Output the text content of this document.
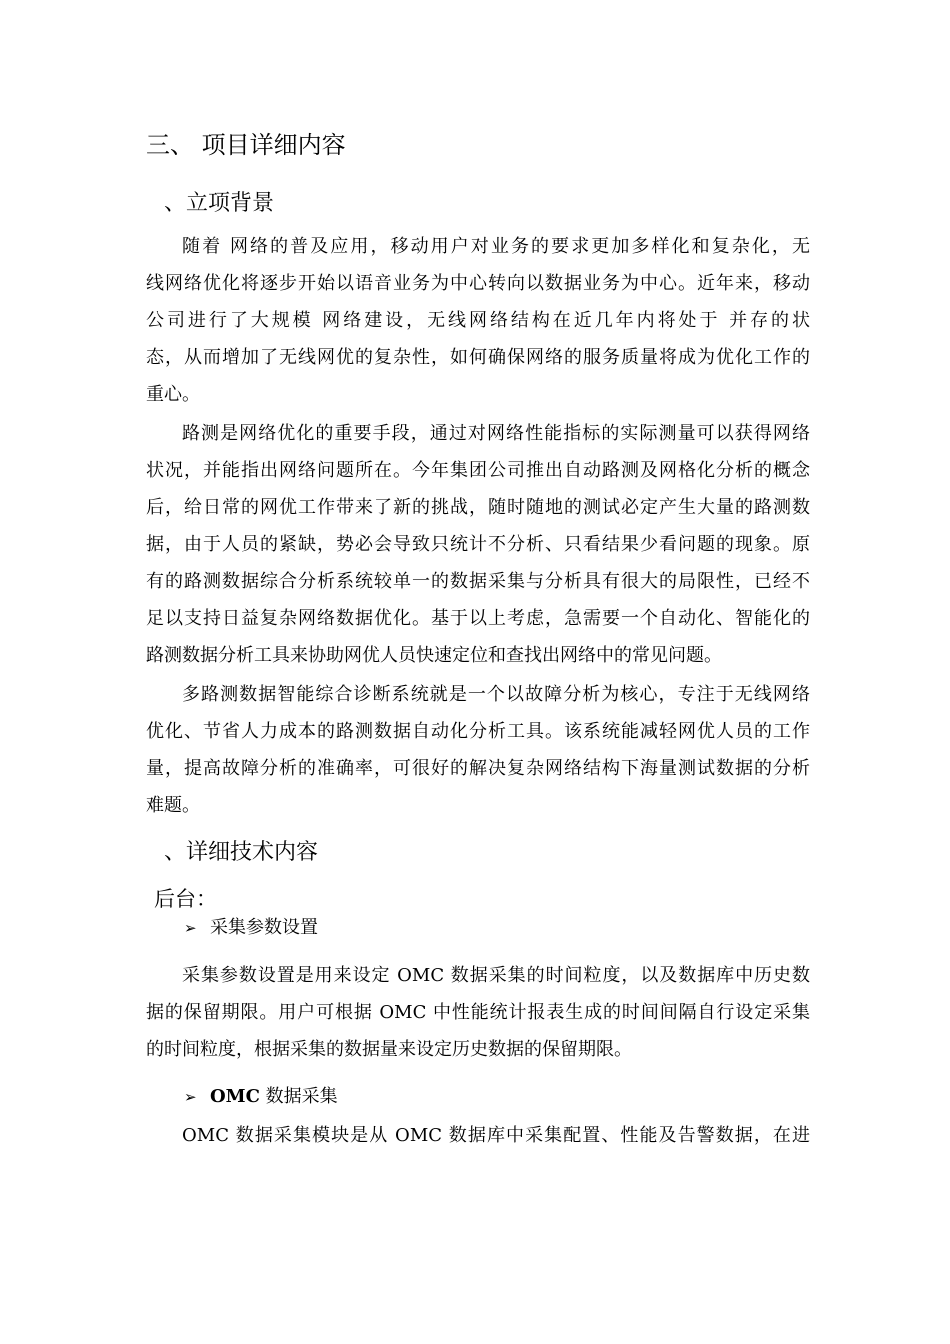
三、 项目详细内容
、立项背景
随着 网络的普及应用，移动用户对业务的要求更加多样化和复杂化，无
线网络优化将逐步开始以语音业务为中心转向以数据业务为中心。近年来，移动
公司进行了大规模 网络建设，无线网络结构在近几年内将处于 并存的状
态，从而增加了无线网优的复杂性，如何确保网络的服务质量将成为优化工作的
重心。
路测是网络优化的重要手段，通过对网络性能指标的实际测量可以获得网络
状况，并能指出网络问题所在。今年集团公司推出自动路测及网格化分析的概念
后，给日常的网优工作带来了新的挑战，随时随地的测试必定产生大量的路测数
据，由于人员的紧缺，势必会导致只统计不分析、只看结果少看问题的现象。原
有的路测数据综合分析系统较单一的数据采集与分析具有很大的局限性，已经不
足以支持日益复杂网络数据优化。基于以上考虑，急需要一个自动化、智能化的
路测数据分析工具来协助网优人员快速定位和查找出网络中的常见问题。
多路测数据智能综合诊断系统就是一个以故障分析为核心，专注于无线网络
优化、节省人力成本的路测数据自动化分析工具。该系统能减轻网优人员的工作
量，提高故障分析的准确率，可很好的解决复杂网络结构下海量测试数据的分析
难题。
、详细技术内容
后台：
➢ 采集参数设置
采集参数设置是用来设定 OMC 数据采集的时间粒度，以及数据库中历史数
据的保留期限。用户可根据 OMC 中性能统计报表生成的时间间隔自行设定采集
的时间粒度，根据采集的数据量来设定历史数据的保留期限。
➢ OMC 数据采集
OMC 数据采集模块是从 OMC 数据库中采集配置、性能及告警数据，在进
